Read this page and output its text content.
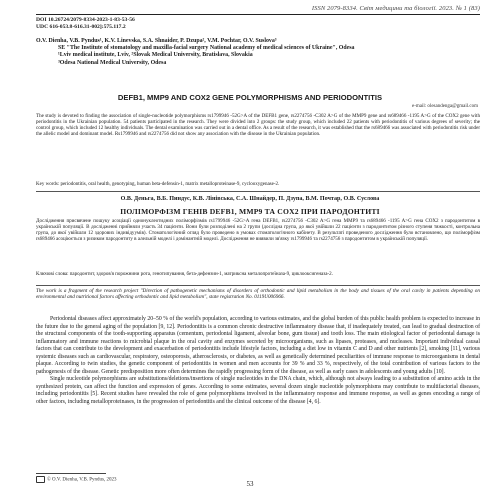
ISSN 2079-8334. Світ медицини та біології. 2023. № 1 (83)
DOI 10.26724/2079-8334-2023-1-83-53-56
UDC 616-053.8-616.31-002]:575.117.2
O.V. Dienha, V.B. Pyndus¹, K.V. Linevska, S.A. Shnaider, P. Dzupa², V.M. Pochtar, O.V. Suslova³
SE "The Institute of stomatology and maxilla-facial surgery National academy of medical sciences of Ukraine", Odesa
¹Lviv medical institute, Lviv, ²Slovak Medical University, Bratislava, Slovakia
³Odesa National Medical University, Odesa
DEFB1, MMP9 AND COX2 GENE POLYMORPHISMS AND PERIODONTITIS
e-mail: olesandenga@gmail.com
The study is devoted to finding the association of single-nucleotide polymorphisms rs1799946 -52G>A of the DEFB1 gene, rs2274756 -C302 A>G of the MMP9 gene and rs689466 -1195 A>G of the COX2 gene with periodontitis in the Ukrainian population. 54 patients participated in the research. They were divided into 2 groups: the study group, which included 22 patients with periodontitis of various degrees of severity; the control group, which included 12 healthy individuals. The dental examination was carried out in a dental office. As a result of the research, it was established that the rs689466 was associated with periodontitis risk under the allelic model and dominant model. Rs1799946 and rs2274756 did not show any association with the disease in the Ukrainian population.
Key words: periodontitis, oral health, genotyping, human beta-defensin-1, matrix metalloproteinase-9, cyclooxygenase-2.
О.В. Деньга, В.Б. Пиндус, К.В. Лінівська, С.А. Шнайдер, П. Дзупа, В.М. Почтар, О.В. Суслова
ПОЛІМОРФІЗМ ГЕНІВ DEFB1, MMP9 ТА COX2 ПРИ ПАРОДОНТИТІ
Дослідження присвячене пошуку асоціації однонуклеотидних поліморфізмів rs1799946 -52G>A гена DEFB1, rs2274756 -C302 A>G гена MMP9 та rs689466 -1195 A>G гена COX2 з пародонтитом в українській популяції. В дослідженні прийняли участь 34 пацієнти. Вони були розподілені на 2 групи (дослідна група, до якої увійшли 22 пацієнти з пародонтитом різного ступеня тяжкості, контрольна група, до якої увійшли 12 здорових індивідуумів). Стоматологічний огляд було проведено в умовах стоматологічного кабінету. В результаті проведеного дослідження було встановлено, що поліморфізм rs689466 асоціюється з ризиком пародонтиту в алельній моделі і домінантній моделі. Дослідження не виявили зв'язку rs1799946 та rs2274756 з пародонтитом в українській популяції.
Ключові слова: пародонтит, здоров'я порожнини рота, генотипування, бета-дефензин-1, матриксна металопротеїназа-9, циклооксигеназа-2.
The work is a fragment of the research project "Direction of pathogenetic mechanisms of disorders of orthodontic and lipid metabolism in the body and tissues of the oral cavity in patients depending on environmental and nutritional factors affecting orthodontic and lipid metabolism", state registration No. 0119U006966.

Periodontal diseases affect approximately 20–50 % of the world's population, according to various estimates, and the global burden of this public health problem is expected to increase in the future due to the general aging of the population [9, 12]. Periodontitis is a common chronic destructive inflammatory disease that, if inadequately treated, can lead to gradual destruction of the structural components of the tooth-supporting apparatus (cementum, periodontal ligament, alveolar bone, gum tissue) and tooth loss. The main etiological factor of periodontal damage is inflammatory and immune reactions to microbial plaque in the oral cavity and enzymes secreted by microorganisms, such as lipases, proteases, and nucleases. Important individual causal factors that can contribute to the development and exacerbation of periodontitis include lifestyle factors, including a diet low in vitamin C and D and other nutrients [2], smoking [11], various systemic diseases such as cardiovascular, respiratory, osteoporosis, atherosclerosis, or diabetes, as well as genetically determined peculiarities of immune response to microorganisms in dental plaque. According to twin studies, the genetic component of periodontitis in women and men accounts for 39 % and 33 %, respectively, of the total contribution of various factors to the pathogenesis of the disease. Genetic predisposition more often determines the rapidly progressing form of the disease, as well as early cases in adolescents and young adults [10].

Single nucleotide polymorphisms are substitutions/deletions/insertions of single nucleotides in the DNA chain, which, although not always leading to a substitution of amino acids in the synthesized protein, can affect the function and expression of genes. According to some estimates, several dozen single nucleotide polymorphisms may contribute to multifactorial diseases, including periodontitis [5]. Recent studies have revealed the role of gene polymorphisms involved in the inflammatory response and immune response, as well as genes encoding a range of other factors, including metalloproteinases, in the progression of periodontitis and the clinical outcome of the disease [4, 6].

© O.V. Dienha, V.B. Pyndus, 2023	53
